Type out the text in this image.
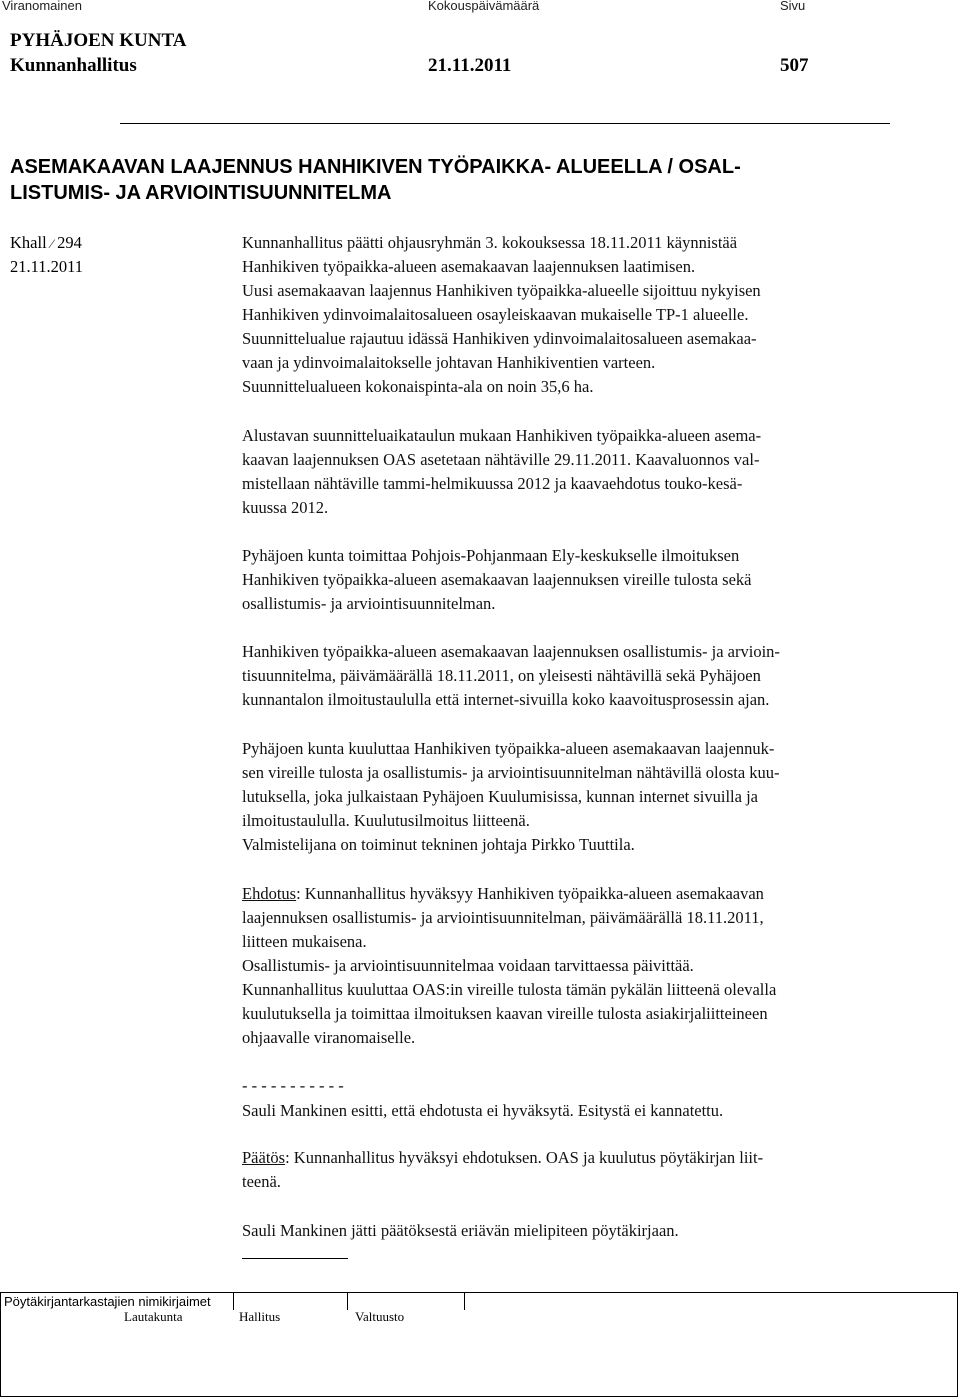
Viranomainen	Kokouspäivämäärä	Sivu
PYHÄJOEN KUNTA
Kunnanhallitus	21.11.2011	507
ASEMAKAAVAN LAAJENNUS HANHIKIVEN TYÖPAIKKA- ALUEELLA / OSAL-
LISTUMIS- JA ARVIOINTISUUNNITELMA
Khall ⁄ 294
21.11.2011
Kunnanhallitus päätti ohjausryhmän 3. kokouksessa 18.11.2011 käynnistää
Hanhikiven työpaikka-alueen asemakaavan laajennuksen laatimisen.
Uusi asemakaavan laajennus Hanhikiven työpaikka-alueelle sijoittuu nykyisen
Hanhikiven ydinvoimalaitosalueen osayleiskaavan mukaiselle TP-1 alueelle.
Suunnittelualue rajautuu idässä Hanhikiven ydinvoimalaitosalueen asemakaa-
vaan ja ydinvoimalaitokselle johtavan Hanhikiventien varteen.
Suunnittelualueen kokonaispinta-ala on noin 35,6 ha.
Alustavan suunnitteluaikataulun mukaan Hanhikiven työpaikka-alueen asema-
kaavan laajennuksen OAS asetetaan nähtäville 29.11.2011. Kaavaluonnos val-
mistellaan nähtäville tammi-helmikuussa 2012 ja kaavaehdotus touko-kesä-
kuussa 2012.
Pyhäjoen kunta toimittaa Pohjois-Pohjanmaan Ely-keskukselle ilmoituksen
Hanhikiven työpaikka-alueen asemakaavan laajennuksen vireille tulosta sekä
osallistumis- ja arviointisuunnitelman.
Hanhikiven työpaikka-alueen asemakaavan laajennuksen osallistumis- ja arvioin-
tisuunnitelma, päivämäärällä 18.11.2011, on yleisesti nähtävillä sekä Pyhäjoen
kunnantalon ilmoitustaululla että internet-sivuilla koko kaavoitusprosessin ajan.
Pyhäjoen kunta kuuluttaa Hanhikiven työpaikka-alueen asemakaavan laajennuk-
sen vireille tulosta ja osallistumis- ja arviointisuunnitelman nähtävillä olosta kuu-
lutuksella, joka julkaistaan Pyhäjoen Kuulumisissa, kunnan internet sivuilla ja
ilmoitustaululla. Kuulutusilmoitus liitteenä.
Valmistelijana on toiminut tekninen johtaja Pirkko Tuuttila.
Ehdotus: Kunnanhallitus hyväksyy Hanhikiven työpaikka-alueen asemakaavan
laajennuksen osallistumis- ja arviointisuunnitelman, päivämäärällä 18.11.2011,
liitteen mukaisena.
Osallistumis- ja arviointisuunnitelmaa voidaan tarvittaessa päivittää.
Kunnanhallitus kuuluttaa OAS:in vireille tulosta tämän pykälän liitteenä olevalla
kuulutuksella ja toimittaa ilmoituksen kaavan vireille tulosta asiakirjaliitteineen
ohjaavalle viranomaiselle.
- - - - - - - - - - -
Sauli Mankinen esitti, että ehdotusta ei hyväksytä. Esitystä ei kannatettu.
Päätös: Kunnanhallitus hyväksyi ehdotuksen. OAS ja kuulutus pöytäkirjan liit-
teenä.
Sauli Mankinen jätti päätöksestä eriävän mielipiteen pöytäkirjaan.
Pöytäkirjantarkastajien nimikirjaimet
Lautakunta	Hallitus	Valtuusto
